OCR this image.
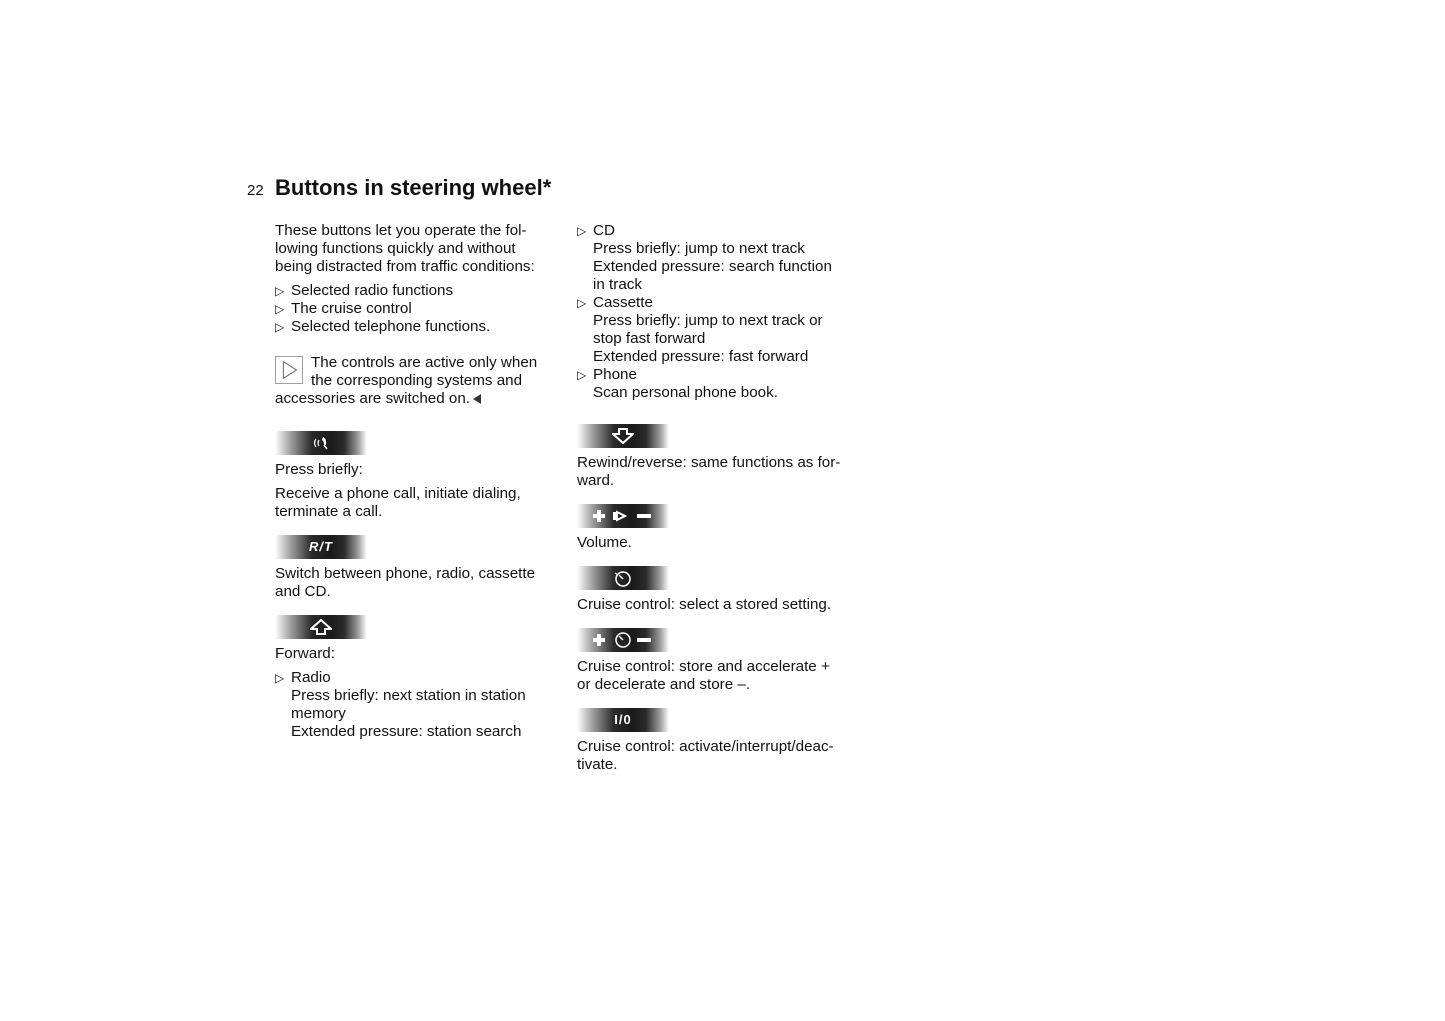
22 Buttons in steering wheel*

These buttons let you operate the fol-

lowing functions quickly and without

being distracted from traffic conditions:

▷ Selected radio functions
▷ The cruise control
▷ Selected telephone functions.

The controls are active only when

the corresponding systems and

accessories are switched on.

Press briefly:

Receive a phone call, initiate dialing,

terminate a call.

R/T

Switch between phone, radio, cassette

and CD.

Forward:

▷ Radio

Press briefly: next station in station

memory

Extended pressure: station search

▷ CD

Press briefly: jump to next track

Extended pressure: search function

in track

▷ Cassette

Press briefly: jump to next track or

stop fast forward

Extended pressure: fast forward

▷ Phone

Scan personal phone book.

Rewind/reverse: same functions as for-

ward.

Volume.

Cruise control: select a stored setting.

Cruise control: store and accelerate +

or decelerate and store –.

I/0

Cruise control: activate/interrupt/deac-

tivate.
